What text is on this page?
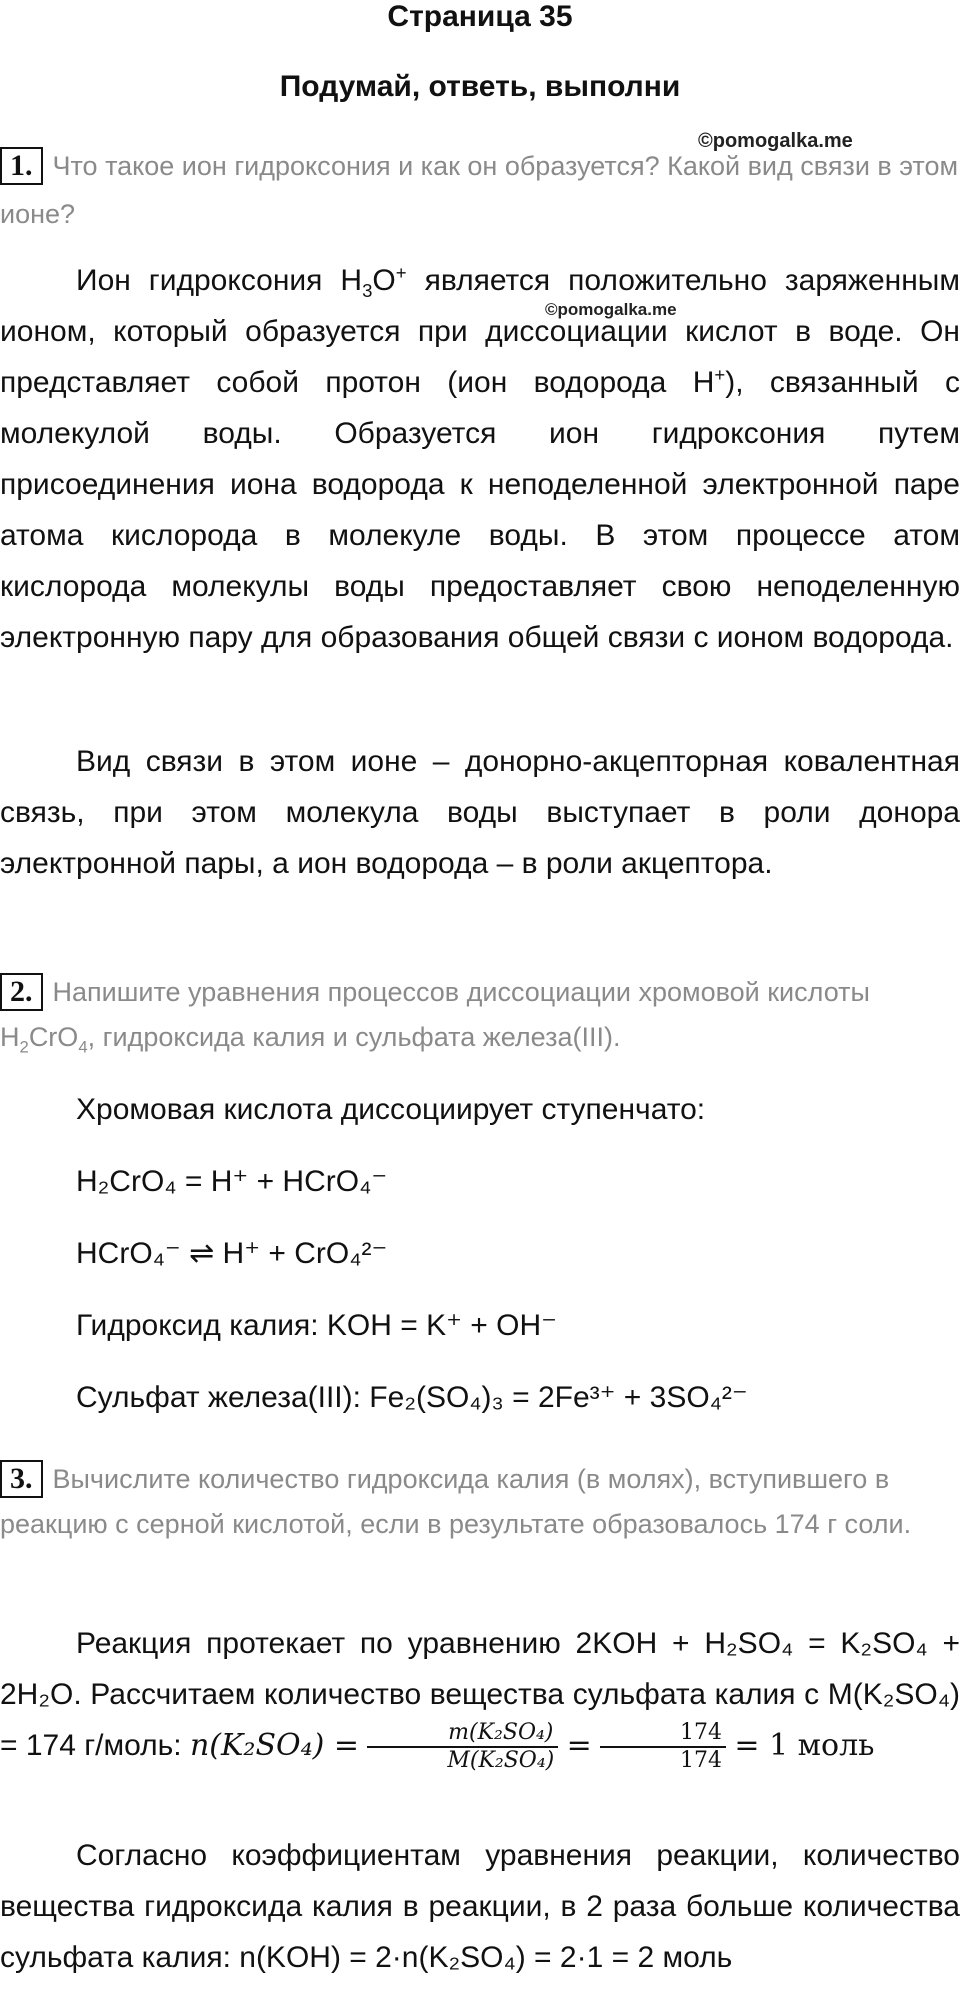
Страница 35
Подумай, ответь, выполни
©pomogalka.me
©pomogalka.me
1. Что такое ион гидроксония и как он образуется? Какой вид связи в этом ионе?
Ион гидроксония $H_3O^+$ является положительно заряженным ионом, который образуется при диссоциации кислот в воде. Он представляет собой протон (ион водорода H+), связанный с молекулой воды. Образуется ион гидроксония путем присоединения иона водорода к неподеленной электронной паре атома кислорода в молекуле воды. В этом процессе атом кислорода молекулы воды предоставляет свою неподеленную электронную пару для образования общей связи с ионом водорода.
Вид связи в этом ионе – донорно-акцепторная ковалентная связь, при этом молекула воды выступает в роли донора электронной пары, а ион водорода – в роли акцептора.
2. Напишите уравнения процессов диссоциации хромовой кислоты $H_2CrO_4$, гидроксида калия и сульфата железа(III).
Хромовая кислота диссоциирует ступенчато:
H₂CrO₄ = H⁺ + HCrO₄⁻
HCrO₄⁻ ⇌ H⁺ + CrO₄²⁻
Гидроксид калия: KOH = K⁺ + OH⁻
Сульфат железа(III): Fe₂(SO₄)₃ = 2Fe³⁺ + 3SO₄²⁻
3. Вычислите количество гидроксида калия (в молях), вступившего в реакцию с серной кислотой, если в результате образовалось 174 г соли.
Реакция протекает по уравнению 2KOH + H₂SO₄ = K₂SO₄ + 2H₂O. Рассчитаем количество вещества сульфата калия с M(K₂SO₄) = 174 г/моль: $n(K_2SO_4) = \frac{\text{m(K₂SO₄)}}{\text{M(K₂SO₄)}} = \frac{174}{174} = 1$ моль
Согласно коэффициентам уравнения реакции, количество вещества гидроксида калия в реакции, в 2 раза больше количества сульфата калия: n(KOH) = 2·n(K₂SO₄) = 2·1 = 2 моль
